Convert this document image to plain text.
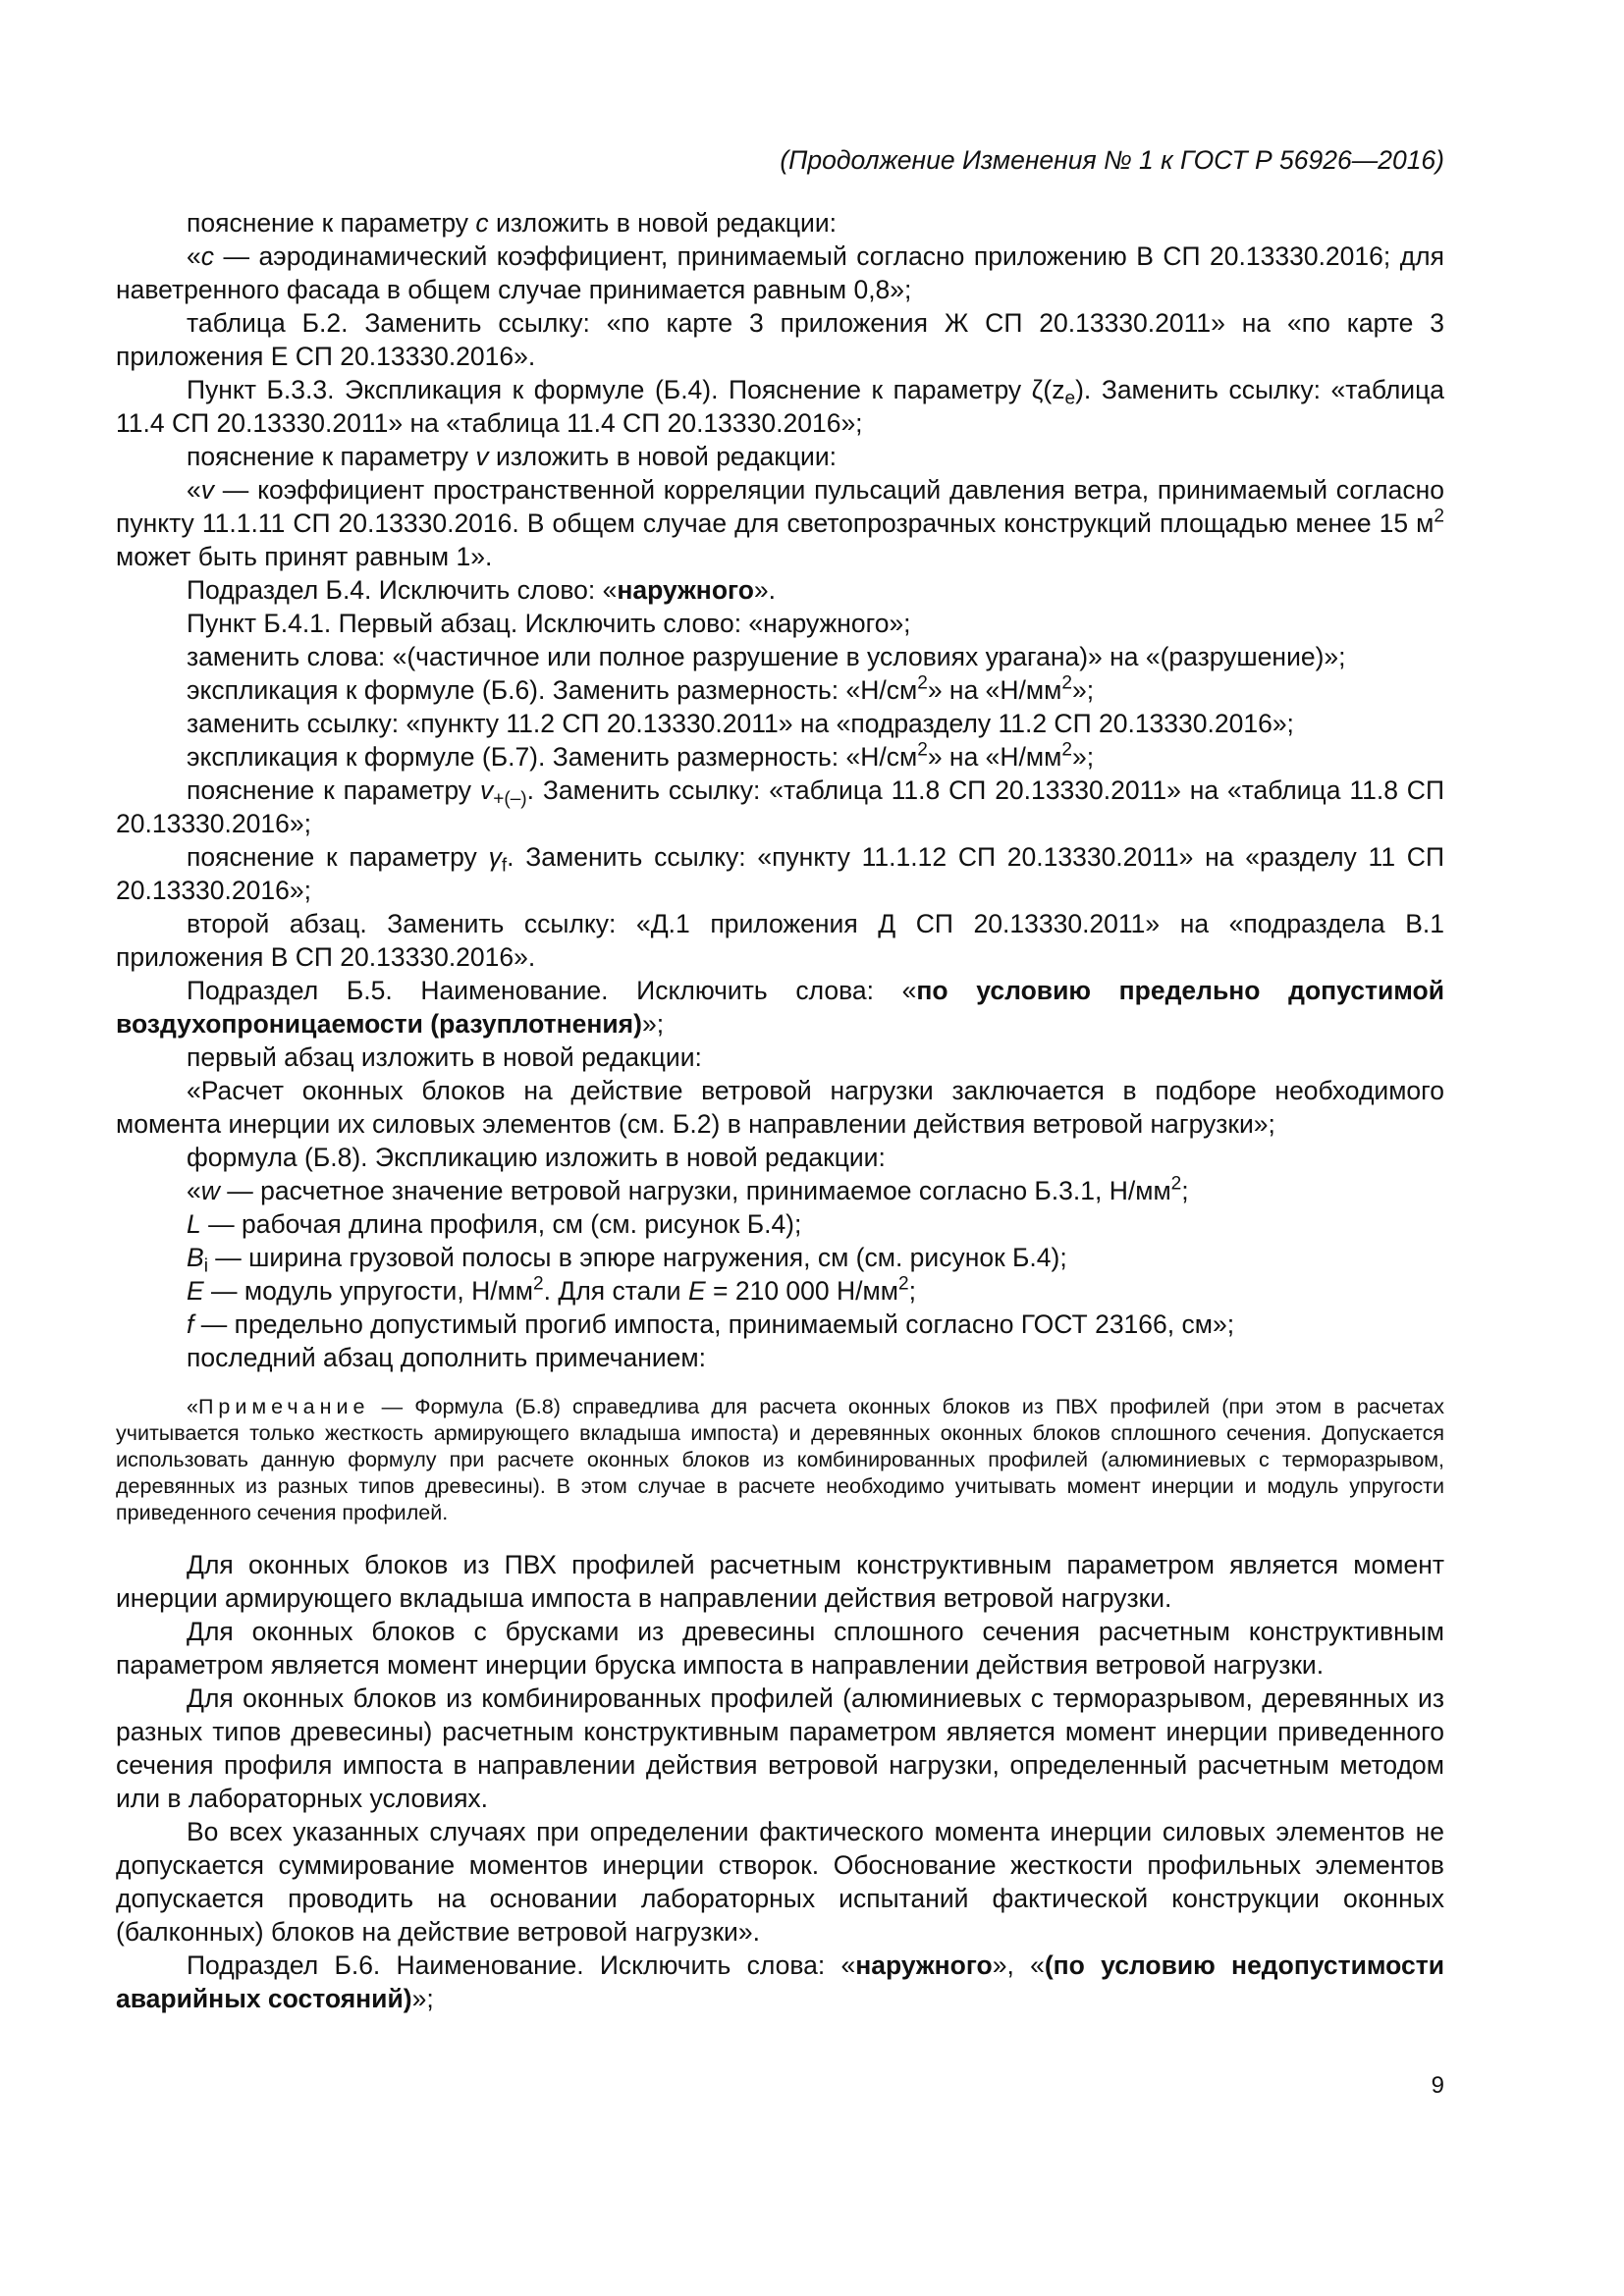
(Продолжение Изменения № 1 к ГОСТ Р 56926—2016)

пояснение к параметру с изложить в новой редакции:

«с — аэродинамический коэффициент, принимаемый согласно приложению В СП 20.13330.2016; для наветренного фасада в общем случае принимается равным 0,8»;

таблица Б.2. Заменить ссылку: «по карте 3 приложения Ж СП 20.13330.2011» на «по карте 3 приложения Е СП 20.13330.2016».

Пункт Б.3.3. Экспликация к формуле (Б.4). Пояснение к параметру $\zeta(z_e)$. Заменить ссылку: «таблица 11.4 СП 20.13330.2011» на «таблица 11.4 СП 20.13330.2016»;

пояснение к параметру v изложить в новой редакции:

«v — коэффициент пространственной корреляции пульсаций давления ветра, принимаемый согласно пункту 11.1.11 СП 20.13330.2016. В общем случае для светопрозрачных конструкций площадью менее 15 $м^2$ может быть принят равным 1».

Подраздел Б.4. Исключить слово: «наружного».

Пункт Б.4.1. Первый абзац. Исключить слово: «наружного»;

заменить слова: «(частичное или полное разрушение в условиях урагана)» на «(разрушение)»;

экспликация к формуле (Б.6). Заменить размерность: «$Н/см^2$» на «$Н/мм^2$»;

заменить ссылку: «пункту 11.2 СП 20.13330.2011» на «подразделу 11.2 СП 20.13330.2016»;

экспликация к формуле (Б.7). Заменить размерность: «$Н/см^2$» на «$Н/мм^2$»;

пояснение к параметру $v_{+(-)}$. Заменить ссылку: «таблица 11.8 СП 20.13330.2011» на «таблица 11.8 СП 20.13330.2016»;

пояснение к параметру $\gamma_f$. Заменить ссылку: «пункту 11.1.12 СП 20.13330.2011» на «разделу 11 СП 20.13330.2016»;

второй абзац. Заменить ссылку: «Д.1 приложения Д СП 20.13330.2011» на «подраздела В.1 приложения В СП 20.13330.2016».

Подраздел Б.5. Наименование. Исключить слова: «по условию предельно допустимой воздухопроницаемости (разуплотнения)»;

первый абзац изложить в новой редакции:

«Расчет оконных блоков на действие ветровой нагрузки заключается в подборе необходимого момента инерции их силовых элементов (см. Б.2) в направлении действия ветровой нагрузки»;

формула (Б.8). Экспликацию изложить в новой редакции:

«w — расчетное значение ветровой нагрузки, принимаемое согласно Б.3.1, $Н/мм^2$;

L — рабочая длина профиля, см (см. рисунок Б.4);

$B_i$ — ширина грузовой полосы в эпюре нагружения, см (см. рисунок Б.4);

E — модуль упругости, $Н/мм^2$. Для стали E = 210 000 $Н/мм^2$;

f — предельно допустимый прогиб импоста, принимаемый согласно ГОСТ 23166, см»;

последний абзац дополнить примечанием:

«Примечание — Формула (Б.8) справедлива для расчета оконных блоков из ПВХ профилей (при этом в расчетах учитывается только жесткость армирующего вкладыша импоста) и деревянных оконных блоков сплошного сечения. Допускается использовать данную формулу при расчете оконных блоков из комбинированных профилей (алюминиевых с терморазрывом, деревянных из разных типов древесины). В этом случае в расчете необходимо учитывать момент инерции и модуль упругости приведенного сечения профилей.

Для оконных блоков из ПВХ профилей расчетным конструктивным параметром является момент инерции армирующего вкладыша импоста в направлении действия ветровой нагрузки.

Для оконных блоков с брусками из древесины сплошного сечения расчетным конструктивным параметром является момент инерции бруска импоста в направлении действия ветровой нагрузки.

Для оконных блоков из комбинированных профилей (алюминиевых с терморазрывом, деревянных из разных типов древесины) расчетным конструктивным параметром является момент инерции приведенного сечения профиля импоста в направлении действия ветровой нагрузки, определенный расчетным методом или в лабораторных условиях.

Во всех указанных случаях при определении фактического момента инерции силовых элементов не допускается суммирование моментов инерции створок. Обоснование жесткости профильных элементов допускается проводить на основании лабораторных испытаний фактической конструкции оконных (балконных) блоков на действие ветровой нагрузки».

Подраздел Б.6. Наименование. Исключить слова: «наружного», «(по условию недопустимости аварийных состояний)»;

9
